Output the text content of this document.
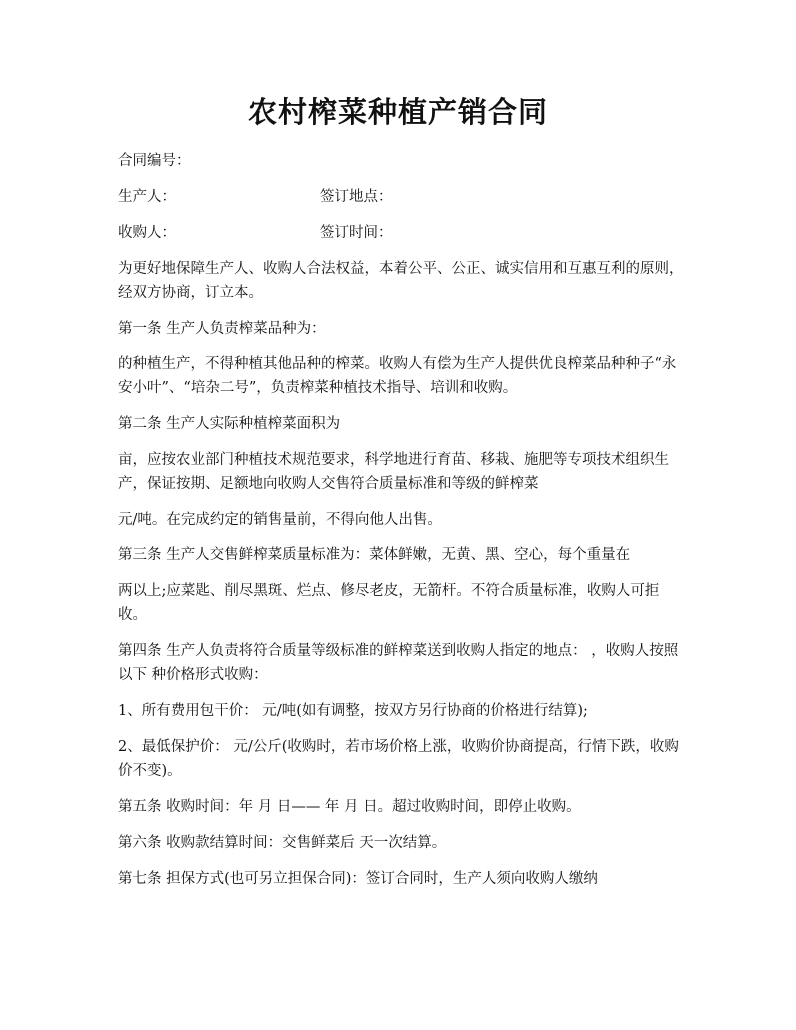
农村榨菜种植产销合同
合同编号：
生产人：	签订地点：
收购人：	签订时间：

为更好地保障生产人、收购人合法权益，本着公平、公正、诚实信用和互惠互利的原则，经双方协商，订立本。

第一条 生产人负责榨菜品种为：

的种植生产，不得种植其他品种的榨菜。收购人有偿为生产人提供优良榨菜品种种子“永安小叶”、“培杂二号”，负责榨菜种植技术指导、培训和收购。

第二条 生产人实际种植榨菜面积为

亩，应按农业部门种植技术规范要求，科学地进行育苗、移栽、施肥等专项技术组织生产，保证按期、足额地向收购人交售符合质量标准和等级的鲜榨菜

元/吨。在完成约定的销售量前，不得向他人出售。

第三条 生产人交售鲜榨菜质量标准为：菜体鲜嫩，无黄、黑、空心，每个重量在

两以上;应菜匙、削尽黑斑、烂点、修尽老皮，无箭杆。不符合质量标准，收购人可拒收。

第四条 生产人负责将符合质量等级标准的鲜榨菜送到收购人指定的地点： ，收购人按照以下 种价格形式收购：

1、所有费用包干价： 元/吨(如有调整，按双方另行协商的价格进行结算);

2、最低保护价： 元/公斤(收购时，若市场价格上涨，收购价协商提高，行情下跌，收购价不变)。

第五条 收购时间：年 月 日—— 年 月 日。超过收购时间，即停止收购。

第六条 收购款结算时间：交售鲜菜后 天一次结算。

第七条 担保方式(也可另立担保合同)：签订合同时，生产人须向收购人缴纳
